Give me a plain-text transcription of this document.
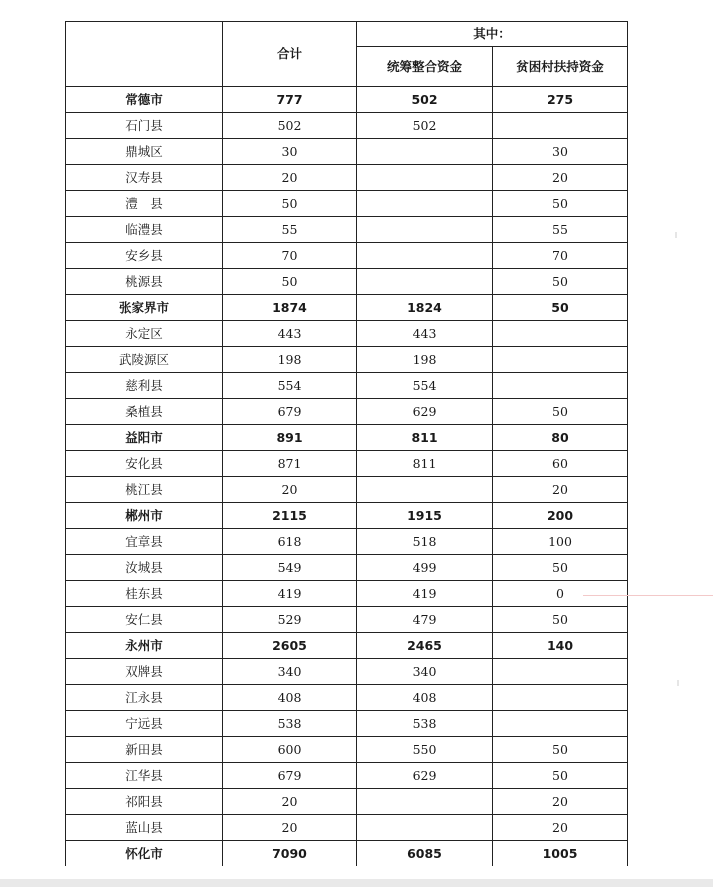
	合计	其中：	
		统筹整合资金	贫困村扶持资金
常德市	777	502	275
石门县	502	502	
鼎城区	30		30
汉寿县	20		20
澧　县	50		50
临澧县	55		55
安乡县	70		70
桃源县	50		50
张家界市	1874	1824	50
永定区	443	443	
武陵源区	198	198	
慈利县	554	554	
桑植县	679	629	50
益阳市	891	811	80
安化县	871	811	60
桃江县	20		20
郴州市	2115	1915	200
宜章县	618	518	100
汝城县	549	499	50
桂东县	419	419	0
安仁县	529	479	50
永州市	2605	2465	140
双牌县	340	340	
江永县	408	408	
宁远县	538	538	
新田县	600	550	50
江华县	679	629	50
祁阳县	20		20
蓝山县	20		20
怀化市	7090	6085	1005
